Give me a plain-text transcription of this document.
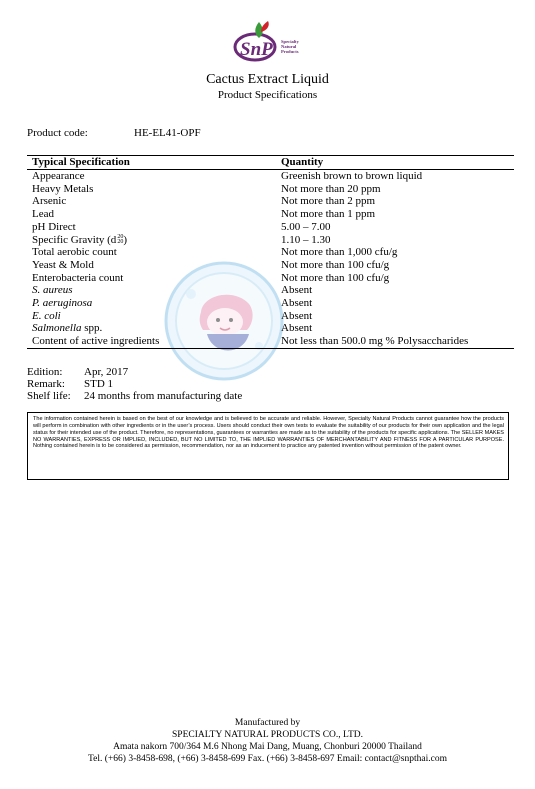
SnP Specialty
Natural
Products
Cactus Extract Liquid
Product Specifications
Product code:	HE-EL41-OPF
Typical Specification	Quantity
Appearance	Greenish brown to brown liquid
Heavy Metals	Not more than 20 ppm
Arsenic	Not more than 2 ppm
Lead	Not more than 1 ppm
pH Direct	5.00 – 7.00
Specific Gravity (d20
20)	1.10 – 1.30
Total aerobic count	Not more than 1,000 cfu/g
Yeast & Mold	Not more than 100 cfu/g
Enterobacteria count	Not more than 100 cfu/g
S. aureus	Absent
P. aeruginosa	Absent
E. coli	Absent
Salmonella spp.	Absent
Content of active ingredients	Not less than 500.0 mg % Polysaccharides
Edition: Apr, 2017
Remark: STD 1
Shelf life: 24 months from manufacturing date
The information contained herein is based on the best of our knowledge and is believed to be accurate and reliable. However, Specialty Natural Products cannot guarantee how the products will perform in combination with other ingredients or in the user’s process. Users should conduct their own tests to evaluate the suitability of our products for their own application and the legal status for their intended use of the product. Therefore, no representations, guarantees or warranties are made as to the suitability of the products for specific applications. The SELLER MAKES NO WARRANTIES, EXPRESS OR IMPLIED, INCLUDED, BUT NO LIMITED TO, THE IMPLIED WARRANTIES OF MERCHANTABILITY AND FITNESS FOR A PARTICULAR PURPOSE. Nothing contained herein is to be considered as permission, recommendation, nor as an inducement to practice any patented invention without permission of the patent owner.
Manufactured by
SPECIALTY NATURAL PRODUCTS CO., LTD.
Amata nakorn 700/364 M.6 Nhong Mai Dang, Muang, Chonburi 20000 Thailand
Tel. (+66) 3-8458-698, (+66) 3-8458-699 Fax. (+66) 3-8458-697 Email: contact@snpthai.com
